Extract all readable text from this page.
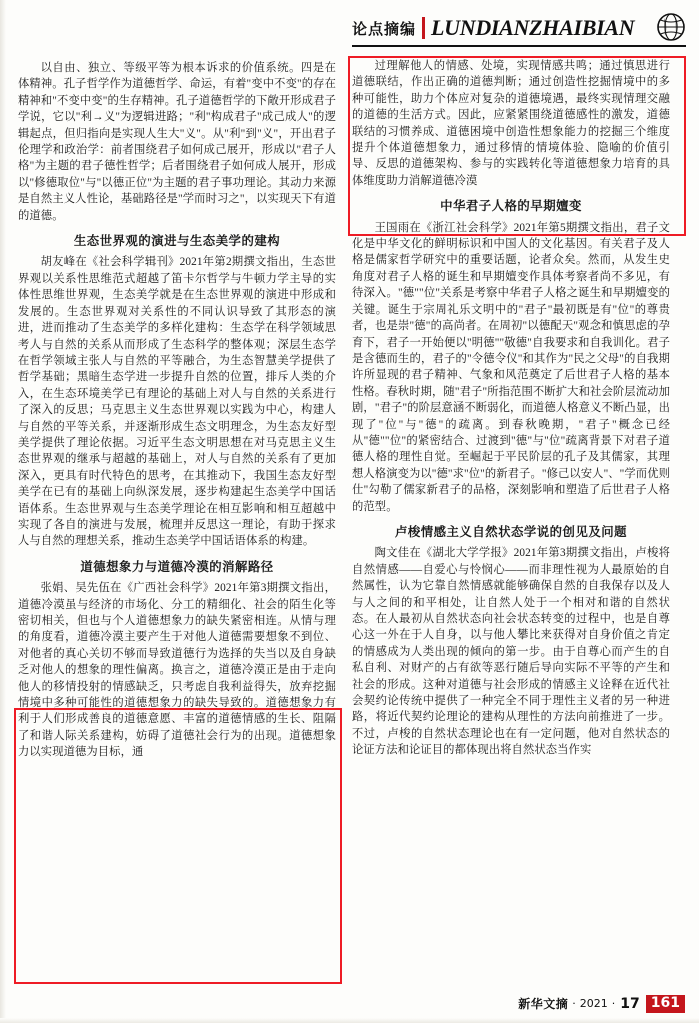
论点摘编 LUNDIANZHAIBIAN

以自由、独立、等级平等为根本诉求的价值系统。四是在体精神。孔子哲学作为道德哲学、命运，有着"变中不变"的存在精神和"不变中变"的生存精神。孔子道德哲学的下敞开形成君子学说，它以"利→义"为逻辑进路；"利"构成君子"成己成人"的逻辑起点，但归指向是实现人生大"义"。从"利"到"义"，开出君子伦理学和政治学：前者围绕君子如何成己展开，形成以"君子人格"为主题的君子德性哲学；后者围绕君子如何成人展开，形成以"修德取位"与"以德正位"为主题的君子事功理论。其动力来源是自然主义人性论，基础路径是"学而时习之"，以实现天下有道的道德。

生态世界观的演进与生态美学的建构

胡友峰在《社会科学辑刊》2021年第2期撰文指出，生态世界观以关系性思维范式超越了笛卡尔哲学与牛顿力学主导的实体性思维世界观，生态美学就是在生态世界观的演进中形成和发展的。生态世界观对关系性的不同认识导致了其形态的演进，进而推动了生态美学的多样化建构：生态学在科学领域思考人与自然的关系从而形成了生态科学的整体观；深层生态学在哲学领域主张人与自然的平等融合，为生态智慧美学提供了哲学基础；黑暗生态学进一步提升自然的位置，排斥人类的介入，在生态环境美学已有理论的基础上对人与自然的关系进行了深入的反思；马克思主义生态世界观以实践为中心，构建人与自然的平等关系，并逐渐形成生态文明理念，为生态友好型美学提供了理论依据。习近平生态文明思想在对马克思主义生态世界观的继承与超越的基础上，对人与自然的关系有了更加深入，更具有时代特色的思考，在其推动下，我国生态友好型美学在已有的基础上向纵深发展，逐步构建起生态美学中国话语体系。生态世界观与生态美学理论在相互影响和相互超越中实现了各自的演进与发展，梳理并反思这一理论，有助于探求人与自然的理想关系，推动生态美学中国话语体系的构建。

道德想象力与道德冷漠的消解路径

张娟、吴先伍在《广西社会科学》2021年第3期撰文指出，道德冷漠虽与经济的市场化、分工的精细化、社会的陌生化等密切相关，但也与个人道德想象力的缺失紧密相连。从情与理的角度看，道德冷漠主要产生于对他人道德需要想象不到位、对他者的真心关切不够而导致道德行为选择的失当以及自身缺乏对他人的想象的理性偏离。换言之，道德冷漠正是由于走向他人的移情投射的情感缺乏，只考虑自我利益得失，放弃挖掘情境中多种可能性的道德想象力的缺失导致的。道德想象力有利于人们形成善良的道德意愿、丰富的道德情感的生长、阻隔了和谐人际关系建构，妨碍了道德社会行为的出现。道德想象力以实现道德为目标，通

过理解他人的情感、处境，实现情感共鸣；通过慎思进行道德联结，作出正确的道德判断；通过创造性挖掘情境中的多种可能性，助力个体应对复杂的道德境遇，最终实现情理交融的道德的生活方式。因此，应紧紧围绕道德感性的激发，道德联结的习惯养成、道德困境中创造性想象能力的挖掘三个维度提升个体道德想象力，通过移情的情境体验、隐喻的价值引导、反思的道德架构、参与的实践转化等道德想象力培育的具体维度助力消解道德冷漠

中华君子人格的早期嬗变

王国雨在《浙江社会科学》2021年第5期撰文指出，君子文化是中华文化的鲜明标识和中国人的文化基因。有关君子及人格是儒家哲学研究中的重要话题，论者众矣。然而，从发生史角度对君子人格的诞生和早期嬗变作具体考察者尚不多见，有待深入。"德""位"关系是考察中华君子人格之诞生和早期嬗变的关键。诞生于宗周礼乐文明中的"君子"最初既是有"位"的尊贵者，也是崇"德"的高尚者。在周初"以德配天"观念和慎思虑的孕育下，君子一开始便以"明德""敬德"自我要求和自我训化。君子是含德而生的，君子的"令德令仪"和其作为"民之父母"的自我期许所显现的君子精神、气象和风范奠定了后世君子人格的基本性格。春秋时期，随"君子"所指范围不断扩大和社会阶层流动加剧，"君子"的阶层意涵不断弱化，而道德人格意义不断凸显，出现了"位"与"德"的疏离。到春秋晚期，"君子"概念已经从"德""位"的紧密结合、过渡到"德"与"位"疏离背景下对君子道德人格的理性自觉。至崛起于平民阶层的孔子及其儒家，其理想人格演变为以"德"求"位"的新君子。"修己以安人"、"学而优则仕"勾勒了儒家新君子的品格，深刻影响和塑造了后世君子人格的范型。

卢梭情感主义自然状态学说的创见及问题

陶文佳在《湖北大学学报》2021年第3期撰文指出，卢梭将自然情感——自爱心与怜悯心——而非理性视为人最原始的自然属性，认为它靠自然情感就能够确保自然的自我保存以及人与人之间的和平相处，让自然人处于一个相对和谐的自然状态。在人最初从自然状态向社会状态转变的过程中，也是自尊心这一外在于人自身，以与他人攀比来获得对自身价值之肯定的情感成为人类出现的倾向的第一步。由于自尊心而产生的自私自利、对财产的占有欲等恶行随后导向实际不平等的产生和社会的形成。这种对道德与社会形成的情感主义诠释在近代社会契约论传统中提供了一种完全不同于理性主义者的另一种进路，将近代契约论理论的建构从理性的方法向前推进了一步。不过，卢梭的自然状态理论也在有一定问题，他对自然状态的论证方法和论证目的都体现出将自然状态当作实

新华文摘 · 2021 · 17 161
